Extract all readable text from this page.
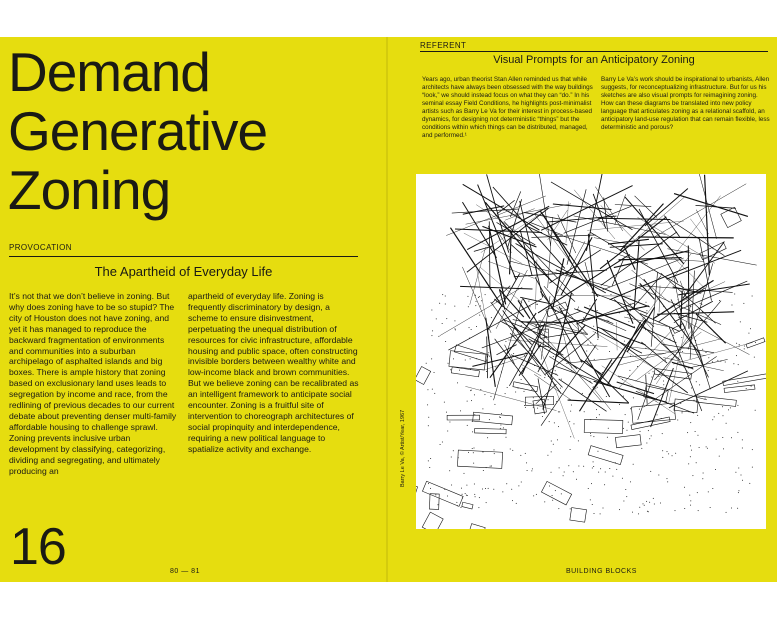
Demand
Generative
Zoning
PROVOCATION
The Apartheid of Everyday Life

It’s not that we don’t believe in zoning. But why does zoning have to be so stupid? The city of Houston does not have zoning, and yet it has managed to reproduce the backward fragmentation of environments and communities into a suburban archipelago of asphalted islands and big boxes. There is ample history that zoning based on exclusionary land uses leads to segregation by income and race, from the redlining of previous decades to our current debate about preventing denser multi-family affordable housing to challenge sprawl. Zoning prevents inclusive urban development by classifying, categorizing, dividing and segregating, and ultimately producing an

apartheid of everyday life. Zoning is frequently discriminatory by design, a scheme to ensure disinvestment, perpetuating the unequal distribution of resources for civic infrastructure, affordable housing and public space, often constructing invisible borders between wealthy white and low-income black and brown communities. But we believe zoning can be recalibrated as an intelligent framework to anticipate social encounter. Zoning is a fruitful site of intervention to choreograph architectures of social propinquity and interdependence, requiring a new political language to spatialize activity and exchange.

16	80 — 81
REFERENT
Visual Prompts for an Anticipatory Zoning

Years ago, urban theorist Stan Allen reminded us that while architects have always been obsessed with the way buildings “look,” we should instead focus on what they can “do.” In his seminal essay Field Conditions, he highlights post-minimalist artists such as Barry Le Va for their interest in process-based dynamics, for designing not deterministic “things” but the conditions within which things can be distributed, managed, and performed.¹

Barry Le Va’s work should be inspirational to urbanists, Allen suggests, for reconceptualizing infrastructure. But for us his sketches are also visual prompts for reimagining zoning. How can these diagrams be translated into new policy language that articulates zoning as a relational scaffold, an anticipatory land-use regulation that can remain flexible, less deterministic and porous?

Barry Le Va, © Artist/Year, 1967
BUILDING BLOCKS
